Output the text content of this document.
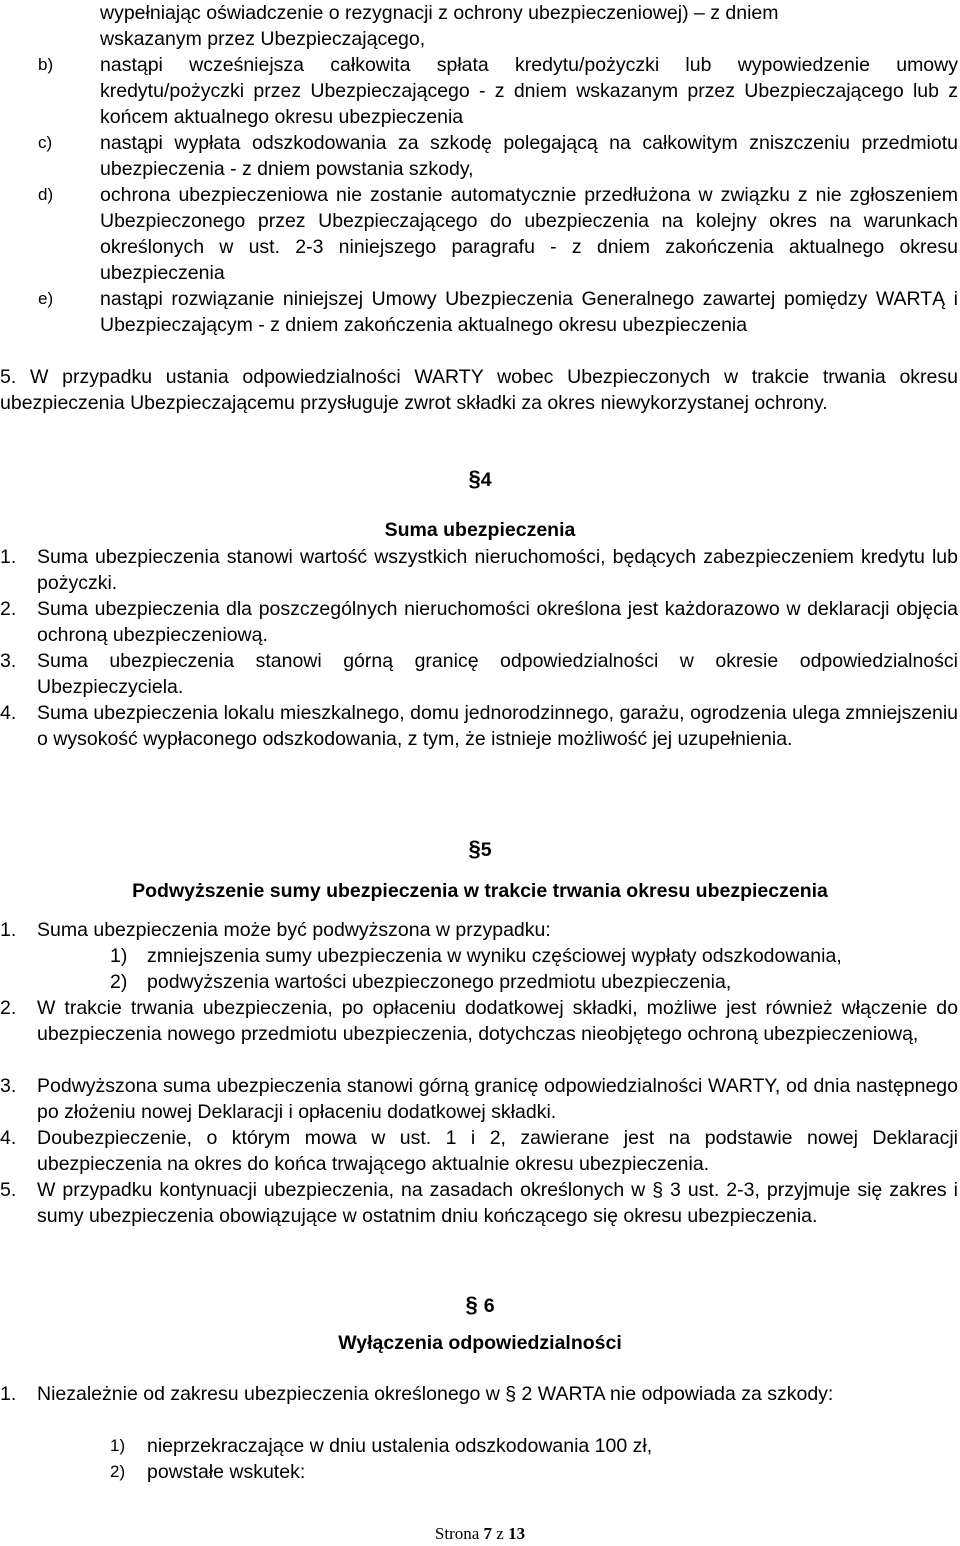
wypełniając oświadczenie o rezygnacji z ochrony ubezpieczeniowej) – z dniem
wskazanym przez Ubezpieczającego,
b) nastąpi wcześniejsza całkowita spłata kredytu/pożyczki lub wypowiedzenie umowy kredytu/pożyczki przez Ubezpieczającego - z dniem wskazanym przez Ubezpieczającego lub z końcem aktualnego okresu ubezpieczenia
c) nastąpi wypłata odszkodowania za szkodę polegającą na całkowitym zniszczeniu przedmiotu ubezpieczenia - z dniem powstania szkody,
d) ochrona ubezpieczeniowa nie zostanie automatycznie przedłużona w związku z nie zgłoszeniem Ubezpieczonego przez Ubezpieczającego do ubezpieczenia na kolejny okres na warunkach określonych w ust. 2-3 niniejszego paragrafu - z dniem zakończenia aktualnego okresu ubezpieczenia
e) nastąpi rozwiązanie niniejszej Umowy Ubezpieczenia Generalnego zawartej pomiędzy WARTĄ i Ubezpieczającym - z dniem zakończenia aktualnego okresu ubezpieczenia
5. W przypadku ustania odpowiedzialności WARTY wobec Ubezpieczonych w trakcie trwania okresu ubezpieczenia Ubezpieczającemu przysługuje zwrot składki za okres niewykorzystanej ochrony.
§4
Suma ubezpieczenia
1. Suma ubezpieczenia stanowi wartość wszystkich nieruchomości, będących zabezpieczeniem kredytu lub pożyczki.
2. Suma ubezpieczenia dla poszczególnych nieruchomości określona jest każdorazowo w deklaracji objęcia ochroną ubezpieczeniową.
3. Suma ubezpieczenia stanowi górną granicę odpowiedzialności w okresie odpowiedzialności Ubezpieczyciela.
4. Suma ubezpieczenia lokalu mieszkalnego, domu jednorodzinnego, garażu, ogrodzenia ulega zmniejszeniu o wysokość wypłaconego odszkodowania, z tym, że istnieje możliwość jej uzupełnienia.
§5
Podwyższenie sumy ubezpieczenia w trakcie trwania okresu ubezpieczenia
1. Suma ubezpieczenia może być podwyższona w przypadku:
1) zmniejszenia sumy ubezpieczenia w wyniku częściowej wypłaty odszkodowania,
2) podwyższenia wartości ubezpieczonego przedmiotu ubezpieczenia,
2. W trakcie trwania ubezpieczenia, po opłaceniu dodatkowej składki, możliwe jest również włączenie do ubezpieczenia nowego przedmiotu ubezpieczenia, dotychczas nieobjętego ochroną ubezpieczeniową,
3. Podwyższona suma ubezpieczenia stanowi górną granicę odpowiedzialności WARTY, od dnia następnego po złożeniu nowej Deklaracji i opłaceniu dodatkowej składki.
4. Doubezpieczenie, o którym mowa w ust. 1 i 2, zawierane jest na podstawie nowej Deklaracji ubezpieczenia na okres do końca trwającego aktualnie okresu ubezpieczenia.
5. W przypadku kontynuacji ubezpieczenia, na zasadach określonych w § 3 ust. 2-3, przyjmuje się zakres i sumy ubezpieczenia obowiązujące w ostatnim dniu kończącego się okresu ubezpieczenia.
§ 6
Wyłączenia odpowiedzialności
1. Niezależnie od zakresu ubezpieczenia określonego w § 2 WARTA nie odpowiada za szkody:
1) nieprzekraczające w dniu ustalenia odszkodowania 100 zł,
2) powstałe wskutek:
Strona 7 z 13
